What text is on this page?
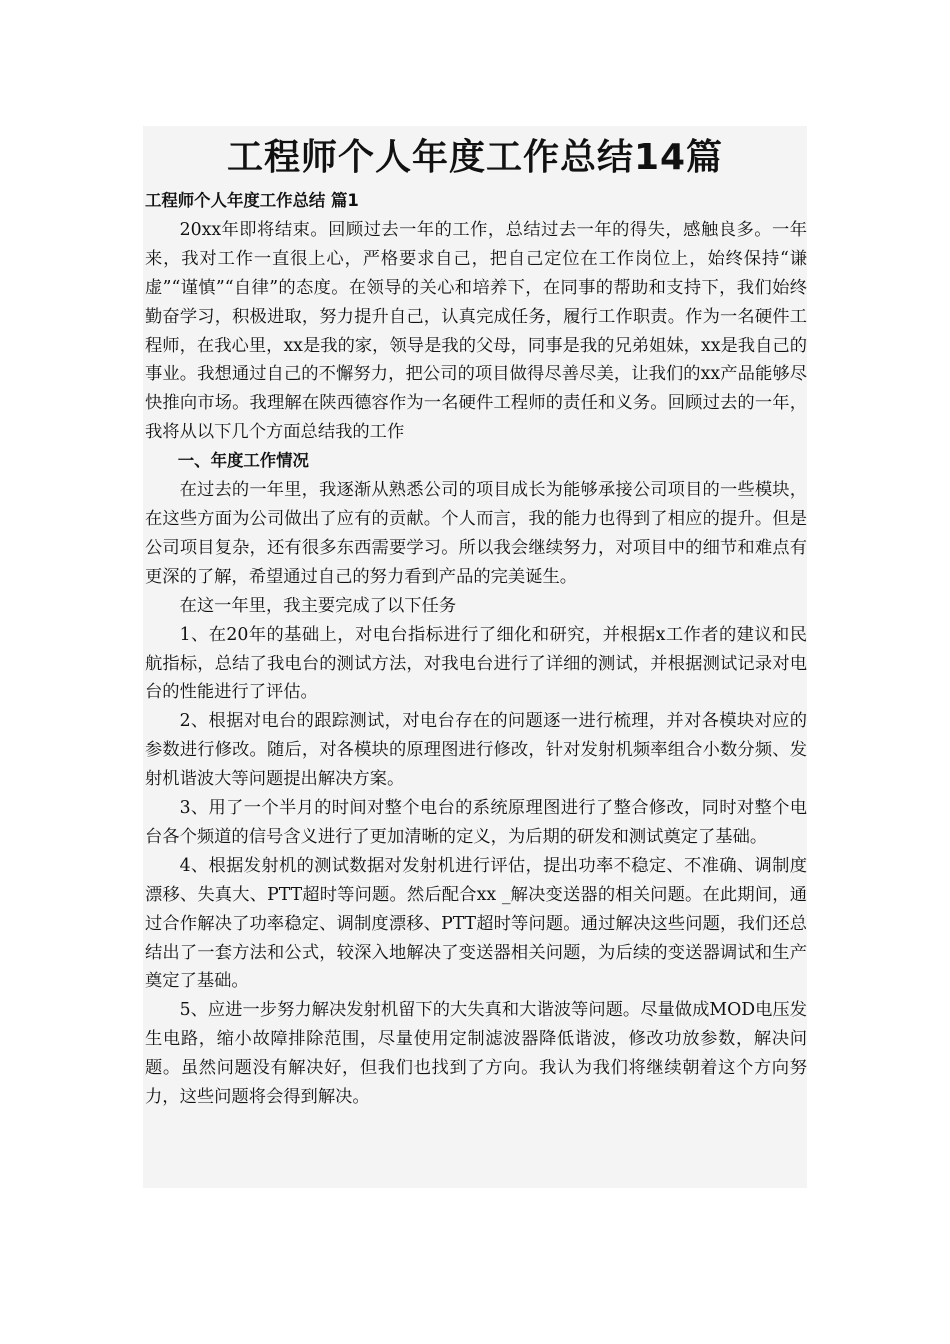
工程师个人年度工作总结14篇

工程师个人年度工作总结 篇1

20xx年即将结束。回顾过去一年的工作，总结过去一年的得失，感触良多。一年来，我对工作一直很上心，严格要求自己，把自己定位在工作岗位上，始终保持“谦虚”“谨慎”“自律”的态度。在领导的关心和培养下，在同事的帮助和支持下，我们始终勤奋学习，积极进取，努力提升自己，认真完成任务，履行工作职责。作为一名硬件工程师，在我心里，xx是我的家，领导是我的父母，同事是我的兄弟姐妹，xx是我自己的事业。我想通过自己的不懈努力，把公司的项目做得尽善尽美，让我们的xx产品能够尽快推向市场。我理解在陕西德容作为一名硬件工程师的责任和义务。回顾过去的一年，我将从以下几个方面总结我的工作

一、年度工作情况

在过去的一年里，我逐渐从熟悉公司的项目成长为能够承接公司项目的一些模块，在这些方面为公司做出了应有的贡献。个人而言，我的能力也得到了相应的提升。但是公司项目复杂，还有很多东西需要学习。所以我会继续努力，对项目中的细节和难点有更深的了解，希望通过自己的努力看到产品的完美诞生。

在这一年里，我主要完成了以下任务

1、在20年的基础上，对电台指标进行了细化和研究，并根据x工作者的建议和民航指标，总结了我电台的测试方法，对我电台进行了详细的测试，并根据测试记录对电台的性能进行了评估。

2、根据对电台的跟踪测试，对电台存在的问题逐一进行梳理，并对各模块对应的参数进行修改。随后，对各模块的原理图进行修改，针对发射机频率组合小数分频、发射机谐波大等问题提出解决方案。

3、用了一个半月的时间对整个电台的系统原理图进行了整合修改，同时对整个电台各个频道的信号含义进行了更加清晰的定义，为后期的研发和测试奠定了基础。

4、根据发射机的测试数据对发射机进行评估，提出功率不稳定、不准确、调制度漂移、失真大、PTT超时等问题。然后配合xx _解决变送器的相关问题。在此期间，通过合作解决了功率稳定、调制度漂移、PTT超时等问题。通过解决这些问题，我们还总结出了一套方法和公式，较深入地解决了变送器相关问题，为后续的变送器调试和生产奠定了基础。

5、应进一步努力解决发射机留下的大失真和大谐波等问题。尽量做成MOD电压发生电路，缩小故障排除范围，尽量使用定制滤波器降低谐波，修改功放参数，解决问题。虽然问题没有解决好，但我们也找到了方向。我认为我们将继续朝着这个方向努力，这些问题将会得到解决。
